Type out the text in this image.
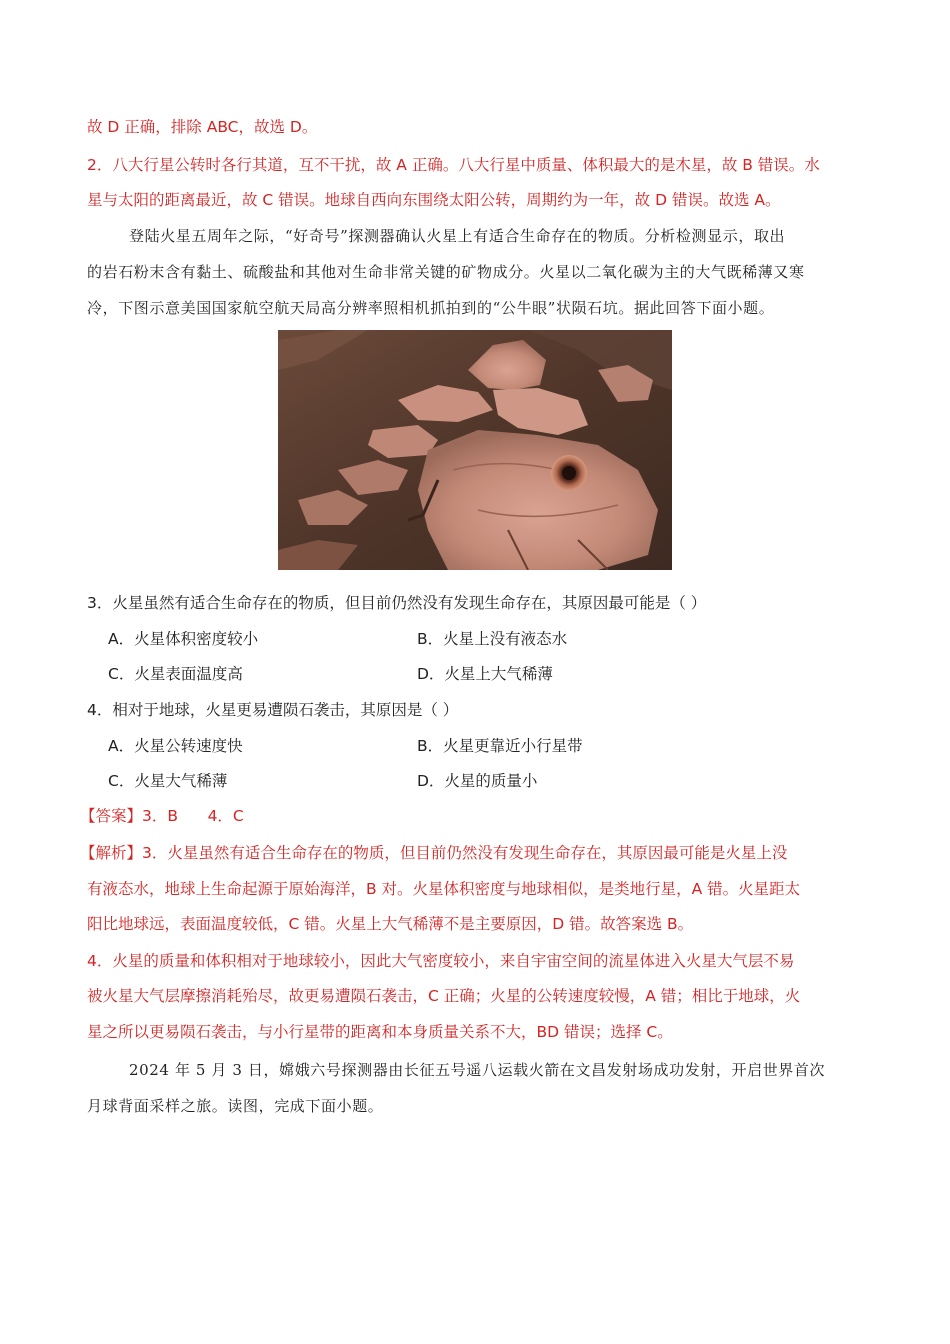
故 D 正确，排除 ABC，故选 D。
2．八大行星公转时各行其道，互不干扰，故 A 正确。八大行星中质量、体积最大的是木星，故 B 错误。水
星与太阳的距离最近，故 C 错误。地球自西向东围绕太阳公转，周期约为一年，故 D 错误。故选 A。
登陆火星五周年之际，“好奇号”探测器确认火星上有适合生命存在的物质。分析检测显示，取出
的岩石粉末含有黏土、硫酸盐和其他对生命非常关键的矿物成分。火星以二氧化碳为主的大气既稀薄又寒
冷，下图示意美国国家航空航天局高分辨率照相机抓拍到的“公牛眼”状陨石坑。据此回答下面小题。
3．火星虽然有适合生命存在的物质，但目前仍然没有发现生命存在，其原因最可能是（ ）
A．火星体积密度较小	B．火星上没有液态水
C．火星表面温度高	D．火星上大气稀薄
4．相对于地球，火星更易遭陨石袭击，其原因是（ ）
A．火星公转速度快	B．火星更靠近小行星带
C．火星大气稀薄	D．火星的质量小
【答案】3．B      4．C
【解析】3．火星虽然有适合生命存在的物质，但目前仍然没有发现生命存在，其原因最可能是火星上没
有液态水，地球上生命起源于原始海洋，B 对。火星体积密度与地球相似，是类地行星，A 错。火星距太
阳比地球远，表面温度较低，C 错。火星上大气稀薄不是主要原因，D 错。故答案选 B。
4．火星的质量和体积相对于地球较小，因此大气密度较小，来自宇宙空间的流星体进入火星大气层不易
被火星大气层摩擦消耗殆尽，故更易遭陨石袭击，C 正确；火星的公转速度较慢，A 错；相比于地球，火
星之所以更易陨石袭击，与小行星带的距离和本身质量关系不大，BD 错误；选择 C。
2024 年 5 月 3 日，嫦娥六号探测器由长征五号遥八运载火箭在文昌发射场成功发射，开启世界首次
月球背面采样之旅。读图，完成下面小题。
